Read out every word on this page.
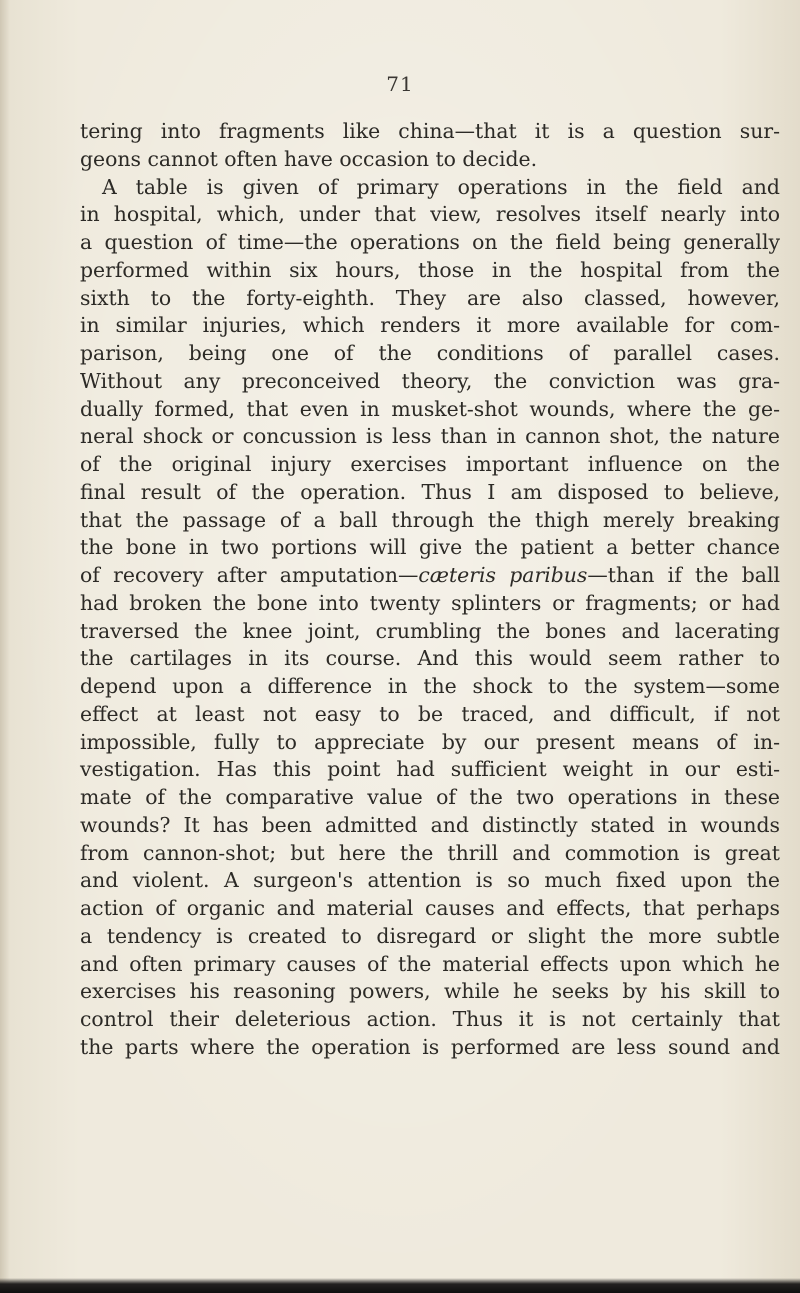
71
tering into fragments like china—that it is a question sur-
geons cannot often have occasion to decide.
A table is given of primary operations in the field and
in hospital, which, under that view, resolves itself nearly into
a question of time—the operations on the field being generally
performed within six hours, those in the hospital from the
sixth to the forty-eighth. They are also classed, however,
in similar injuries, which renders it more available for com-
parison, being one of the conditions of parallel cases.
Without any preconceived theory, the conviction was gra-
dually formed, that even in musket-shot wounds, where the ge-
neral shock or concussion is less than in cannon shot, the nature
of the original injury exercises important influence on the
final result of the operation. Thus I am disposed to believe,
that the passage of a ball through the thigh merely breaking
the bone in two portions will give the patient a better chance
of recovery after amputation—cæteris paribus—than if the ball
had broken the bone into twenty splinters or fragments; or had
traversed the knee joint, crumbling the bones and lacerating
the cartilages in its course. And this would seem rather to
depend upon a difference in the shock to the system—some
effect at least not easy to be traced, and difficult, if not
impossible, fully to appreciate by our present means of in-
vestigation. Has this point had sufficient weight in our esti-
mate of the comparative value of the two operations in these
wounds? It has been admitted and distinctly stated in wounds
from cannon-shot; but here the thrill and commotion is great
and violent. A surgeon's attention is so much fixed upon the
action of organic and material causes and effects, that perhaps
a tendency is created to disregard or slight the more subtle
and often primary causes of the material effects upon which he
exercises his reasoning powers, while he seeks by his skill to
control their deleterious action. Thus it is not certainly that
the parts where the operation is performed are less sound and
